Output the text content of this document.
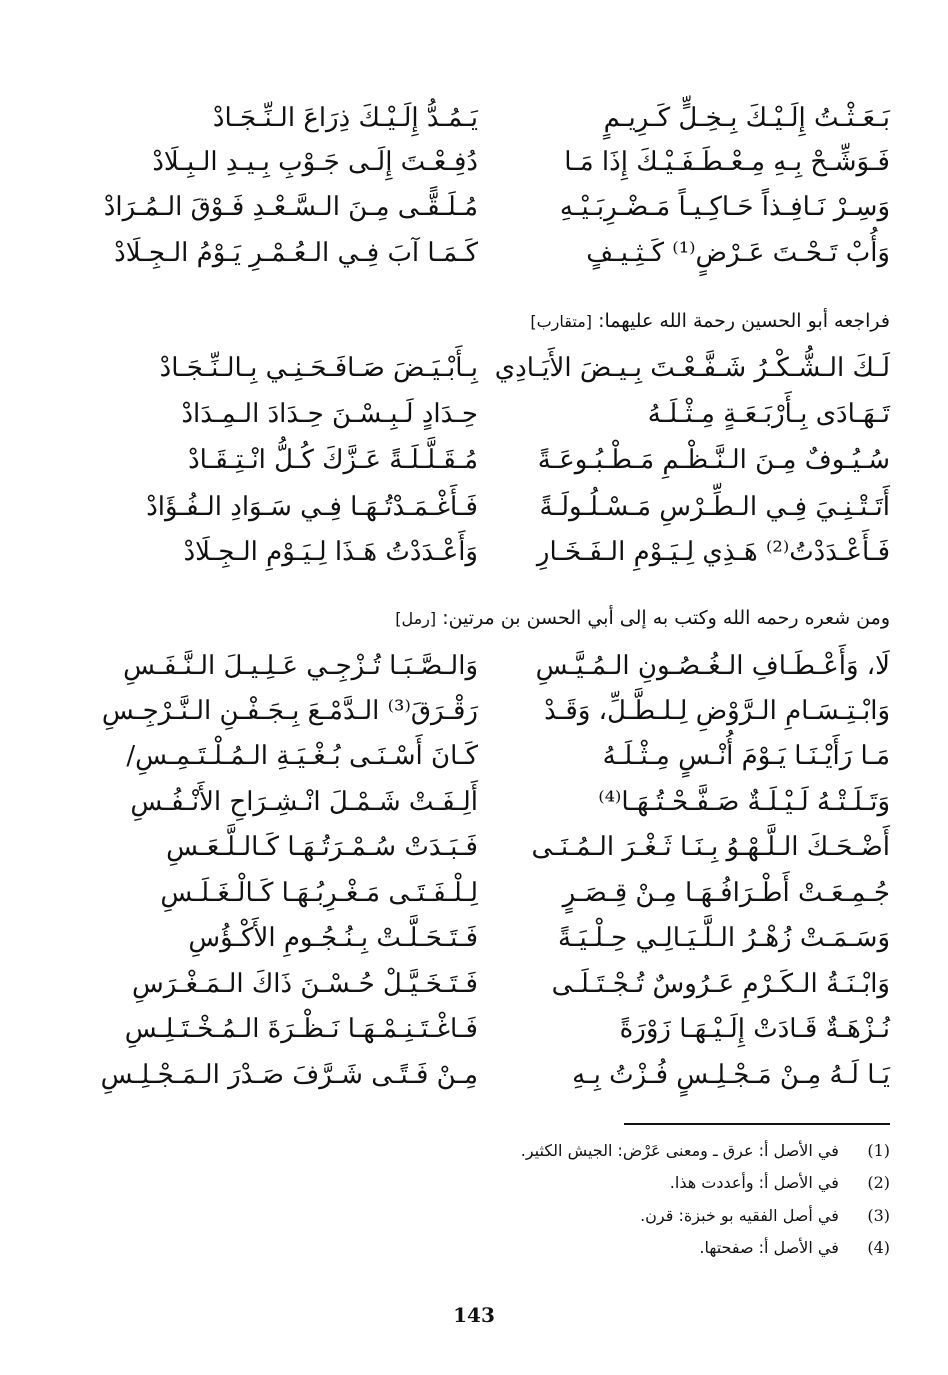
بَـعَـثْـتُ إِلَـيْـكَ بِـخِـلٍّ كَـرِيـمٍ
يَـمُـدُّ إِلَـيْـكَ ذِرَاعَ الـنِّـجَـادْ
فَـوَشِّـحْ بِـهِ مِـعْـطَـفَـيْـكَ إِذَا مَـا
دُفِـعْـتَ إِلَـى جَـوْبِ بِـيـدِ الـبِـلَادْ
وَسِـرْ نَـافِـذاً حَـاكِـيـاً مَـضْـرِبَـيْـهِ
مُـلَـقًّـى مِـنَ الـسَّـعْـدِ فَـوْقَ الـمُـرَادْ
وَأُبْ تَـحْـتَ عَـرْضٍ⁽¹⁾ كَـثِـيـفٍ
كَـمَـا آبَ فِـي الـعُـمْـرِ يَـوْمُ الـجِـلَادْ
فراجعه أبو الحسين رحمة الله عليهما: [متقارب]
لَـكَ الـشُّـكْـرُ شَـفَّـعْـتَ بِـيـضَ الأَيَـادِي
بِـأَبْـيَـضَ صَـافَـحَـنِـي بِـالـنِّـجَـادْ
تَـهَـادَى بِـأَرْبَـعَـةٍ مِـثْـلَـهُ
حِـدَادٍ لَـبِـسْـنَ حِـدَادَ الـمِـدَادْ
سُـيُـوفٌ مِـنَ الـنَّـظْـمِ مَـطْـبُـوعَـةً
مُـقَـلَّـلَـةً عَـزَّكَ كُـلُّ انْـتِـقَـادْ
أَتَـتْـنِـيَ فِـي الـطِّـرْسِ مَـسْـلُـولَـةً
فَـأَغْـمَـدْتُـهَـا فِـي سَـوَادِ الـفُـؤَادْ
فَـأَعْـدَدْتُ⁽²⁾ هَـذِي لِـيَـوْمِ الـفَـخَـارِ
وَأَعْـدَدْتُ هَـذَا لِـيَـوْمِ الـجِـلَادْ
ومن شعره رحمه الله وكتب به إلى أبي الحسن بن مرتين: [رمل]
لَا، وَأَعْـطَـافِ الـغُـصُـونِ الـمُـيَّـسِ
وَالـصَّـبَـا تُـزْجِـي عَـلِـيـلَ الـنَّـفَـسِ
وَابْـتِـسَـامِ الـرَّوْضِ لِـلـطَّـلِّ، وَقَـدْ
رَقْـرَقَ⁽³⁾ الـدَّمْـعَ بِـجَـفْـنِ الـنَّـرْجِـسِ
مَـا رَأَيْـنَـا يَـوْمَ أُنْـسٍ مِـثْـلَـهُ
كَـانَ أَسْـنَـى بُـغْـيَـةِ الـمُـلْـتَـمِـسِ/
وَتَـلَـتْـهُ لَـيْـلَـةٌ صَـفَّـحْـتُـهَـا⁽⁴⁾
أَلِـفَـتْ شَـمْـلَ انْـشِـرَاحِ الأَنْـفُـسِ
أَضْـحَـكَ الـلَّـهْـوُ بِـنَـا ثَـغْـرَ الـمُـنَـى
فَـبَـدَتْ سُـمْـرَتُـهَـا كَـالـلَّـعَـسِ
جُـمِـعَـتْ أَطْـرَافُـهَـا مِـنْ قِـصَـرٍ
لِـلْـفَـتَـى مَـغْـرِبُـهَـا كَـالْـغَـلَـسِ
وَسَـمَـتْ زُهْـرُ الـلَّـيَـالِـي حِـلْـيَـةً
فَـتَـحَـلَّـتْ بِـنُـجُـومِ الأَكْـؤُسِ
وَابْـنَـةُ الـكَـرْمِ عَـرُوسٌ تُـجْـتَـلَـى
فَـتَـخَـيَّـلْ حُـسْـنَ ذَاكَ الـمَـغْـرَسِ
نُـزْهَـةٌ قَـادَتْ إِلَـيْـهَـا زَوْرَةً
فَـاغْـتَـنِـمْـهَـا نَـظْـرَةَ الـمُـخْـتَـلِـسِ
يَـا لَـهُ مِـنْ مَـجْـلِـسٍ فُـزْتُ بِـهِ
مِـنْ فَـتًـى شَـرَّفَ صَـدْرَ الـمَـجْـلِـسِ
(1) في الأصل أ: عرق ـ ومعنى عَرْض: الجيش الكثير.
(2) في الأصل أ: وأعددت هذا.
(3) في أصل الفقيه بو خبزة: قرن.
(4) في الأصل أ: صفحتها.
143
